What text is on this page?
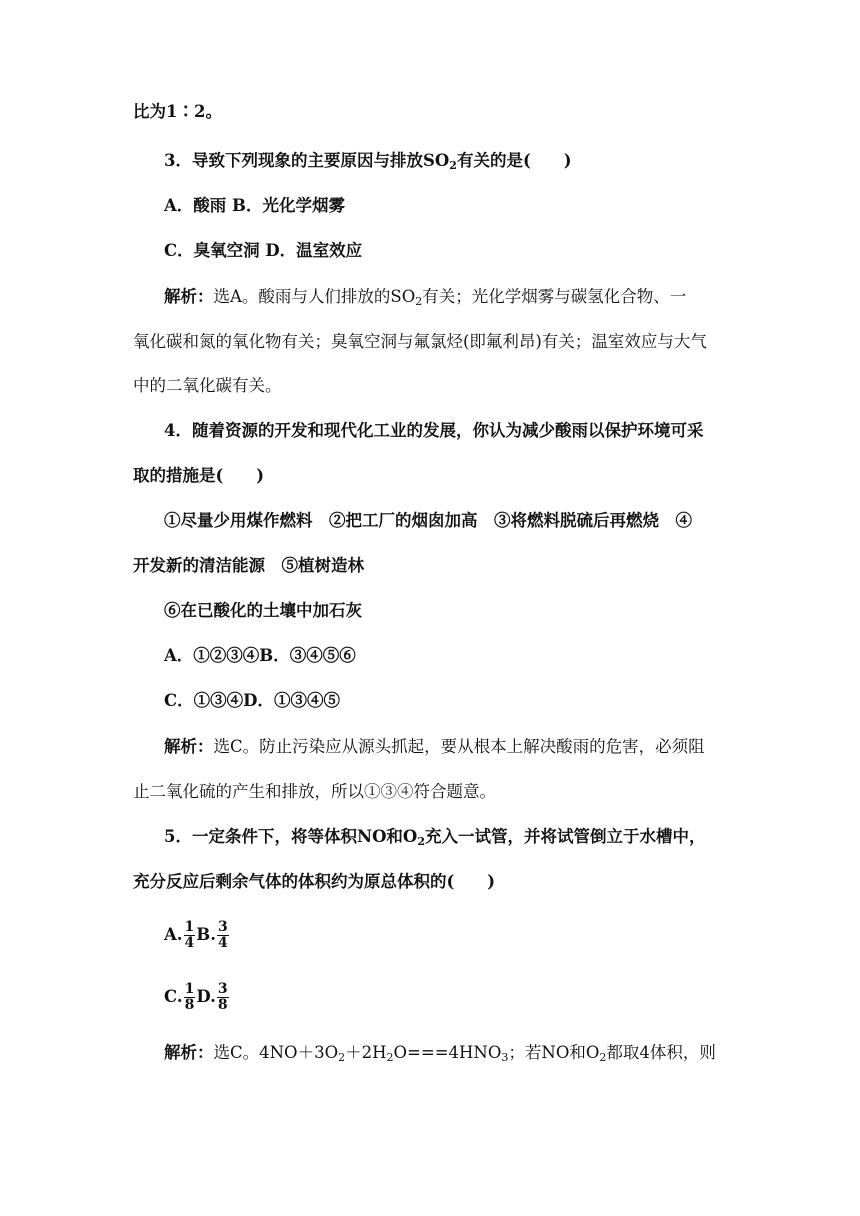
比为1∶2。
3．导致下列现象的主要原因与排放$SO_2$有关的是(　　)
A．酸雨 B．光化学烟雾
C．臭氧空洞 D．温室效应
解析：选A。酸雨与人们排放的$SO_2$有关；光化学烟雾与碳氢化合物、一
氧化碳和氮的氧化物有关；臭氧空洞与氟氯烃(即氟利昂)有关；温室效应与大气
中的二氧化碳有关。
4．随着资源的开发和现代化工业的发展，你认为减少酸雨以保护环境可采
取的措施是(　　)
①尽量少用煤作燃料　②把工厂的烟囱加高　③将燃料脱硫后再燃烧　④
开发新的清洁能源　⑤植树造林
⑥在已酸化的土壤中加石灰
A．①②③④B．③④⑤⑥
C．①③④D．①③④⑤
解析：选C。防止污染应从源头抓起，要从根本上解决酸雨的危害，必须阻
止二氧化硫的产生和排放，所以①③④符合题意。
5．一定条件下，将等体积NO和$O_2$充入一试管，并将试管倒立于水槽中，
充分反应后剩余气体的体积约为原总体积的(　　)
A. $\frac{1}{4} B$. $\frac{3}{4}$
C. $\frac{1}{8} D$. $\frac{3}{8}$
解析：选C。$4NO+3O_2+2H_2O===4HNO_3$；若NO和$O_2$都取4体积，则
